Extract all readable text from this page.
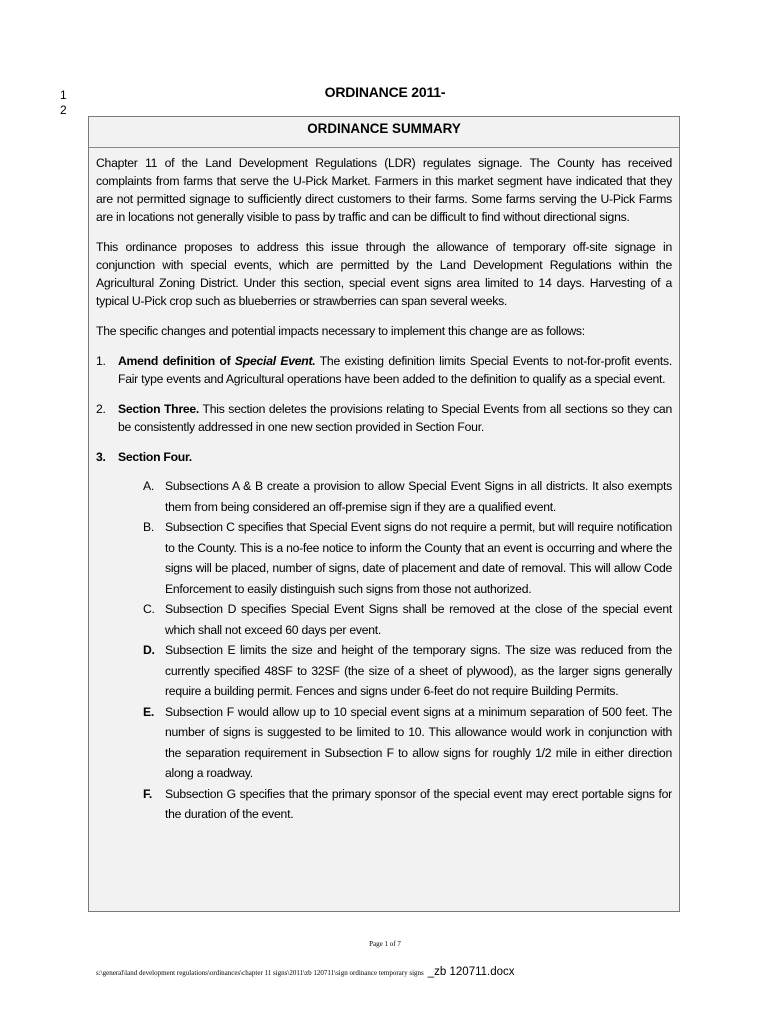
1
2
ORDINANCE 2011-
ORDINANCE SUMMARY

Chapter 11 of the Land Development Regulations (LDR) regulates signage. The County has received complaints from farms that serve the U-Pick Market. Farmers in this market segment have indicated that they are not permitted signage to sufficiently direct customers to their farms. Some farms serving the U-Pick Farms are in locations not generally visible to pass by traffic and can be difficult to find without directional signs.

This ordinance proposes to address this issue through the allowance of temporary off-site signage in conjunction with special events, which are permitted by the Land Development Regulations within the Agricultural Zoning District. Under this section, special event signs area limited to 14 days. Harvesting of a typical U-Pick crop such as blueberries or strawberries can span several weeks.

The specific changes and potential impacts necessary to implement this change are as follows:

1.	Amend definition of Special Event. The existing definition limits Special Events to not-for-profit events. Fair type events and Agricultural operations have been added to the definition to qualify as a special event.
2.	Section Three. This section deletes the provisions relating to Special Events from all sections so they can be consistently addressed in one new section provided in Section Four.
3.	Section Four.
A. Subsections A & B create a provision to allow Special Event Signs in all districts. It also exempts them from being considered an off-premise sign if they are a qualified event.
B. Subsection C specifies that Special Event signs do not require a permit, but will require notification to the County. This is a no-fee notice to inform the County that an event is occurring and where the signs will be placed, number of signs, date of placement and date of removal. This will allow Code Enforcement to easily distinguish such signs from those not authorized.
C. Subsection D specifies Special Event Signs shall be removed at the close of the special event which shall not exceed 60 days per event.
D. Subsection E limits the size and height of the temporary signs. The size was reduced from the currently specified 48SF to 32SF (the size of a sheet of plywood), as the larger signs generally require a building permit. Fences and signs under 6-feet do not require Building Permits.
E. Subsection F would allow up to 10 special event signs at a minimum separation of 500 feet. The number of signs is suggested to be limited to 10. This allowance would work in conjunction with the separation requirement in Subsection F to allow signs for roughly 1/2 mile in either direction along a roadway.
F.	Subsection G specifies that the primary sponsor of the special event may erect portable signs for the duration of the event.
Page 1 of 7
s:\general\land development regulations\ordinances\chapter 11 signs\2011\zb 120711\sign ordinance temporary signs _zb 120711.docx
